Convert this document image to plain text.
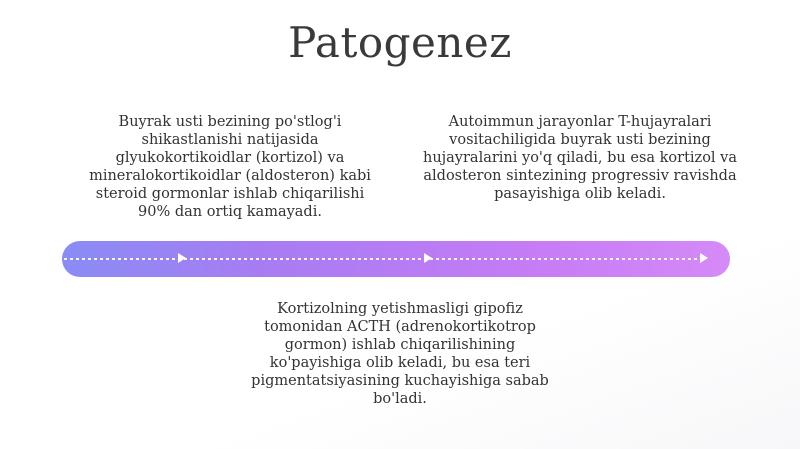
Patogenez
Buyrak usti bezining po'stlog'i shikastlanishi natijasida glyukokortikoidlar (kortizol) va mineralokortikoidlar (aldosteron) kabi steroid gormonlar ishlab chiqarilishi 90% dan ortiq kamayadi.
Autoimmun jarayonlar T-hujayralari vositachiligida buyrak usti bezining hujayralarini yo'q qiladi, bu esa kortizol va aldosteron sintezining progressiv ravishda pasayishiga olib keladi.
Kortizolning yetishmasligi gipofiz tomonidan ACTH (adrenokortikotrop gormon) ishlab chiqarilishining ko'payishiga olib keladi, bu esa teri pigmentatsiyasining kuchayishiga sabab bo'ladi.
